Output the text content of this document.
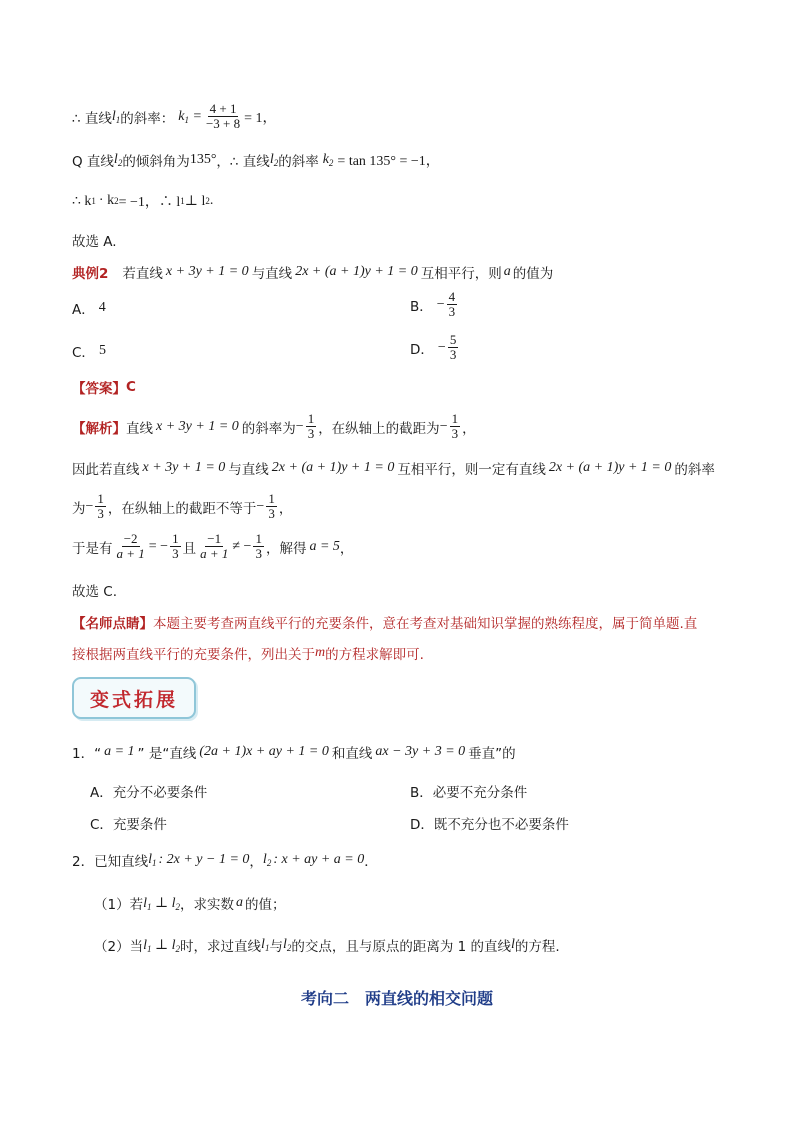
∴ 直线 $l_1$ 的斜率： $k_1 = \frac{4 + 1}{-3 + 8} = 1$，
Q 直线 $l_2$ 的倾斜角为 135° ，∴ 直线 $l_2$ 的斜率 $k_2 = \tan 135^\circ = -1$，
∴ k 1 · k 2 = −1，∴ l 1 ⊥ l 2 .
故选 A.
典例2 若直线 x + 3y + 1 = 0 与直线 2x + (a + 1)y + 1 = 0 互相平行，则 a 的值为
A． 4	B． − $\frac{4}{3}$
C． 5	D． − $\frac{5}{3}$
【答案】 C
【解析】 直线 x + 3y + 1 = 0 的斜率为 − $\frac{1}{3}$ ，在纵轴上的截距为 − $\frac{1}{3}$ ，
因此若直线 x + 3y + 1 = 0 与直线 2x + (a + 1)y + 1 = 0 互相平行，则一定有直线 2x + (a + 1)y + 1 = 0 的斜率
为 − $\frac{1}{3}$ ，在纵轴上的截距不等于 − $\frac{1}{3}$ ，
于是有 $\frac{-2}{a + 1}$ = − $\frac{1}{3}$ 且 $\frac{-1}{a + 1}$ ≠ − $\frac{1}{3}$ ，解得 a = 5 ，
故选 C.
【名师点睛】 本题主要考查两直线平行的充要条件，意在考查对基础知识掌握的熟练程度，属于简单题.直
接根据两直线平行的充要条件，列出关于 m 的方程求解即可.
变式拓展
1．“ a = 1 ” 是“直线 (2a + 1)x + ay + 1 = 0 和直线 ax − 3y + 3 = 0 垂直”的
A． 充分不必要条件	B． 必要不充分条件
C． 充要条件	D． 既不充分也不必要条件
2．已知直线 $l_1$ : 2x + y − 1 = 0 ， $l_2$ : x + ay + a = 0 ．
（1）若 $l_1$ ⊥ $l_2$ ，求实数 a 的值；
（2）当 $l_1$ ⊥ $l_2$ 时，求过直线 $l_1$ 与 $l_2$ 的交点，且与原点的距离为 1 的直线 l 的方程.
考向二　两直线的相交问题
